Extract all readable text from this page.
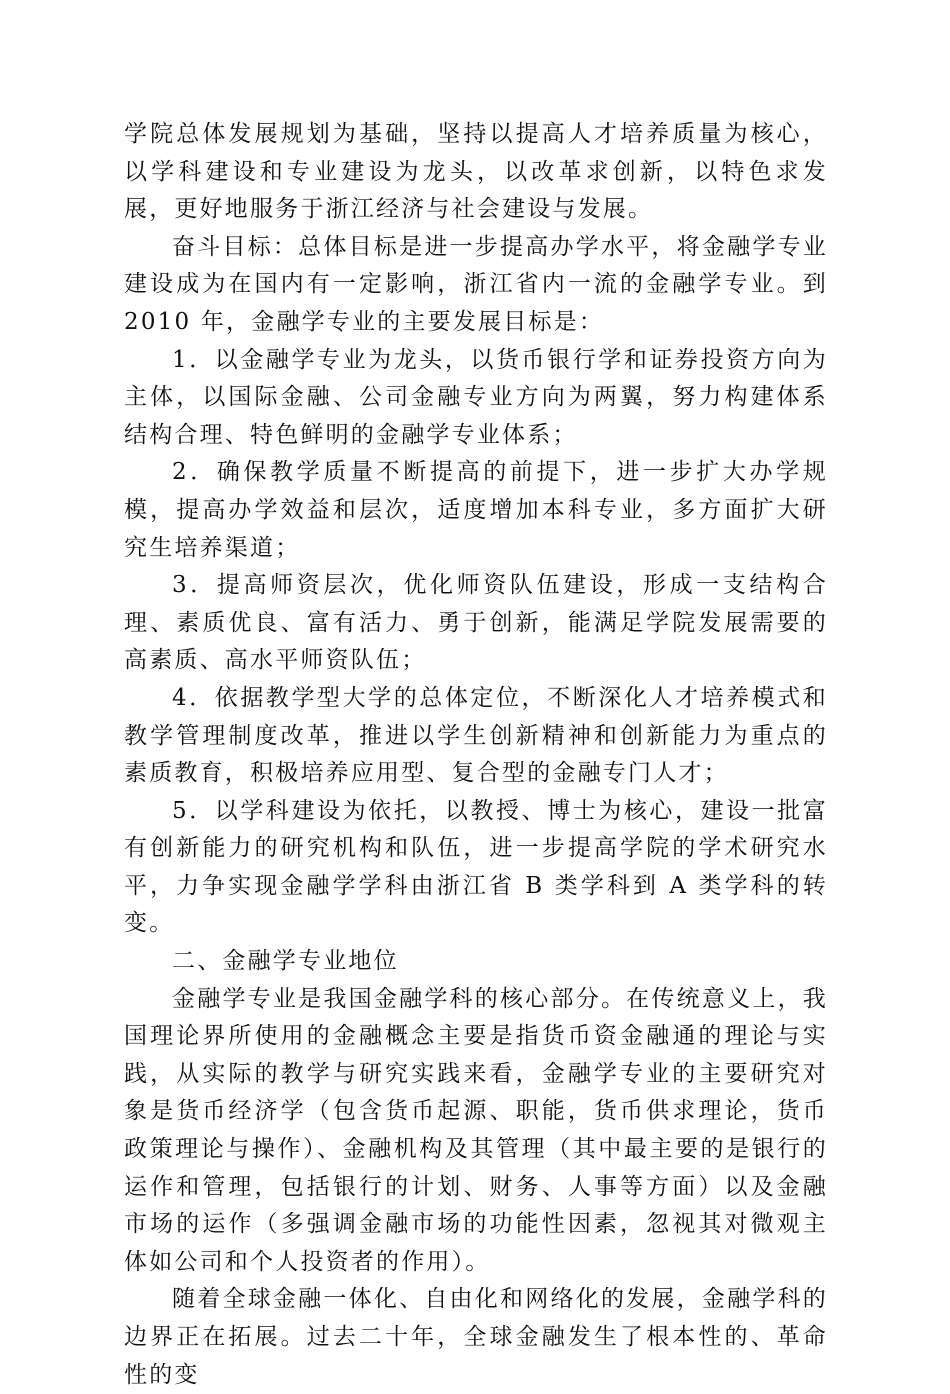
学院总体发展规划为基础，坚持以提高人才培养质量为核心，以学科建设和专业建设为龙头，以改革求创新，以特色求发展，更好地服务于浙江经济与社会建设与发展。

奋斗目标：总体目标是进一步提高办学水平，将金融学专业建设成为在国内有一定影响，浙江省内一流的金融学专业。到 2010 年，金融学专业的主要发展目标是：

1．以金融学专业为龙头，以货币银行学和证券投资方向为主体，以国际金融、公司金融专业方向为两翼，努力构建体系结构合理、特色鲜明的金融学专业体系；

2．确保教学质量不断提高的前提下，进一步扩大办学规模，提高办学效益和层次，适度增加本科专业，多方面扩大研究生培养渠道；

3．提高师资层次，优化师资队伍建设，形成一支结构合理、素质优良、富有活力、勇于创新，能满足学院发展需要的高素质、高水平师资队伍；

4．依据教学型大学的总体定位，不断深化人才培养模式和教学管理制度改革，推进以学生创新精神和创新能力为重点的素质教育，积极培养应用型、复合型的金融专门人才；

5．以学科建设为依托，以教授、博士为核心，建设一批富有创新能力的研究机构和队伍，进一步提高学院的学术研究水平，力争实现金融学学科由浙江省 B 类学科到 A 类学科的转变。

二、金融学专业地位

金融学专业是我国金融学科的核心部分。在传统意义上，我国理论界所使用的金融概念主要是指货币资金融通的理论与实践，从实际的教学与研究实践来看，金融学专业的主要研究对象是货币经济学（包含货币起源、职能，货币供求理论，货币政策理论与操作）、金融机构及其管理（其中最主要的是银行的运作和管理，包括银行的计划、财务、人事等方面）以及金融市场的运作（多强调金融市场的功能性因素，忽视其对微观主体如公司和个人投资者的作用）。

随着全球金融一体化、自由化和网络化的发展，金融学科的边界正在拓展。过去二十年，全球金融发生了根本性的、革命性的变
